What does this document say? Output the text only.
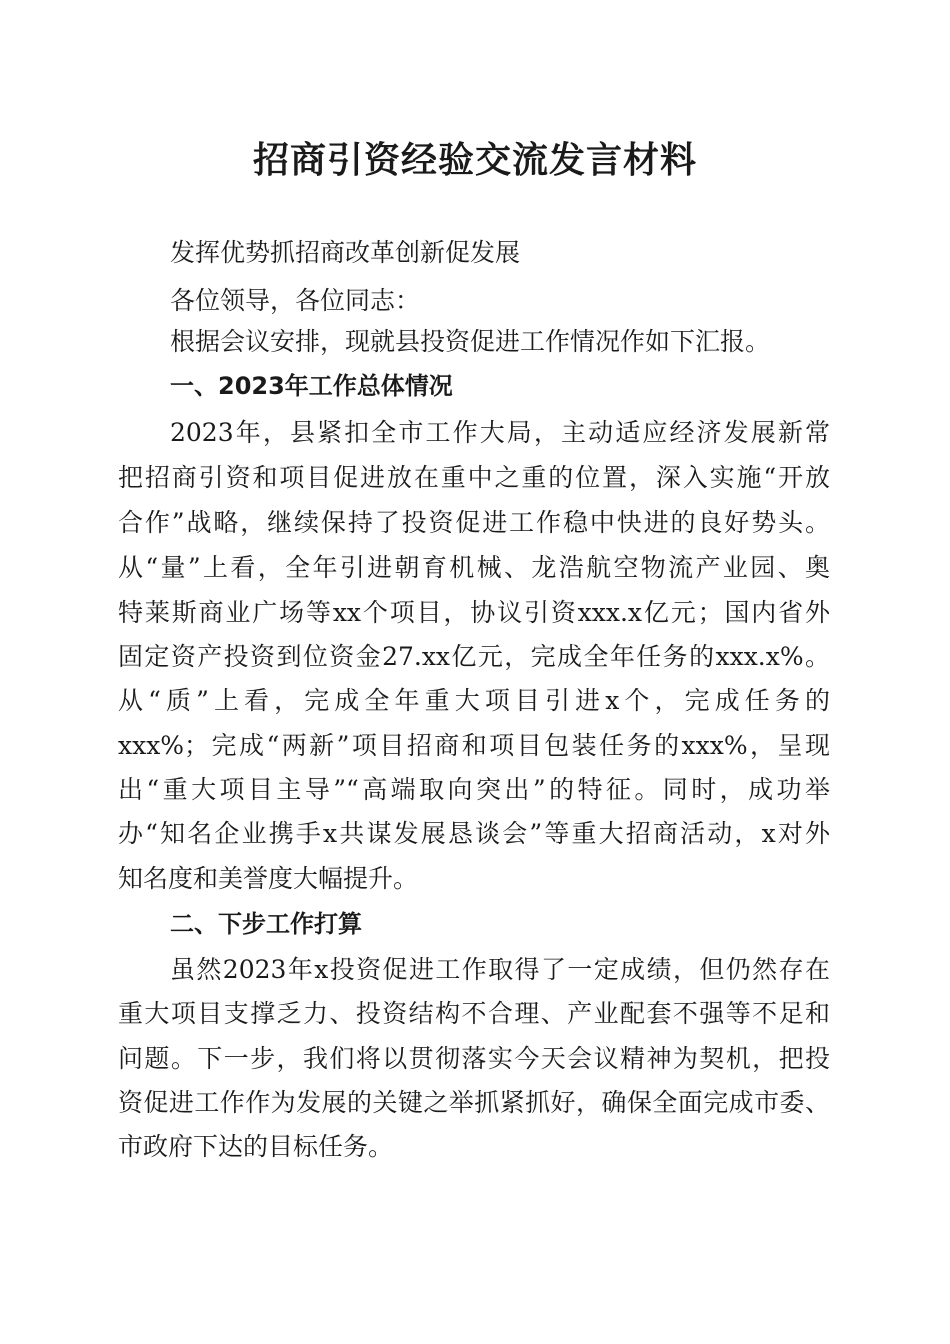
招商引资经验交流发言材料
发挥优势抓招商改革创新促发展
各位领导，各位同志：
根据会议安排，现就县投资促进工作情况作如下汇报。
一、2023年工作总体情况
2023年，县紧扣全市工作大局，主动适应经济发展新常
把招商引资和项目促进放在重中之重的位置，深入实施“开放
合作”战略，继续保持了投资促进工作稳中快进的良好势头。
从“量”上看，全年引进朝育机械、龙浩航空物流产业园、奥
特莱斯商业广场等xx个项目，协议引资xxx.x亿元；国内省外
固定资产投资到位资金27.xx亿元，完成全年任务的xxx.x%。
从“质”上看，完成全年重大项目引进x个，完成任务的
xxx%；完成“两新”项目招商和项目包装任务的xxx%，呈现
出“重大项目主导”“高端取向突出”的特征。同时，成功举
办“知名企业携手x共谋发展恳谈会”等重大招商活动，x对外
知名度和美誉度大幅提升。
二、下步工作打算
虽然2023年x投资促进工作取得了一定成绩，但仍然存在
重大项目支撑乏力、投资结构不合理、产业配套不强等不足和
问题。下一步，我们将以贯彻落实今天会议精神为契机，把投
资促进工作作为发展的关键之举抓紧抓好，确保全面完成市委、
市政府下达的目标任务。
